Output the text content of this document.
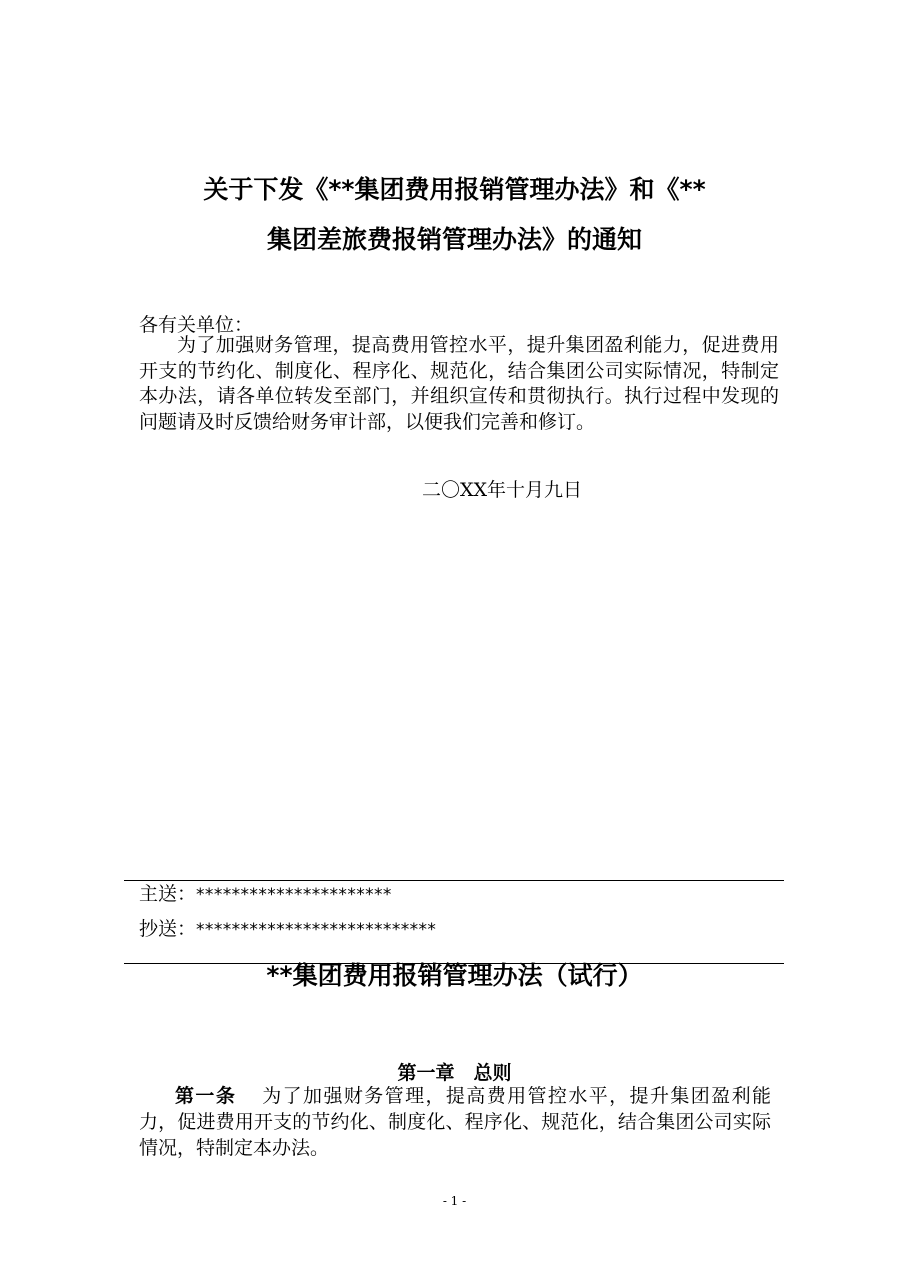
关于下发《**集团费用报销管理办法》和《**
集团差旅费报销管理办法》的通知
各有关单位：

为了加强财务管理，提高费用管控水平，提升集团盈利能力，促进费用开支的节约化、制度化、程序化、规范化，结合集团公司实际情况，特制定本办法，请各单位转发至部门，并组织宣传和贯彻执行。执行过程中发现的问题请及时反馈给财务审计部，以便我们完善和修订。

二〇XX年十月九日
主送：**********************
抄送：***************************
**集团费用报销管理办法（试行）
第一章　总则

第一条 为了加强财务管理，提高费用管控水平，提升集团盈利能力，促进费用开支的节约化、制度化、程序化、规范化，结合集团公司实际情况，特制定本办法。

- 1 -
